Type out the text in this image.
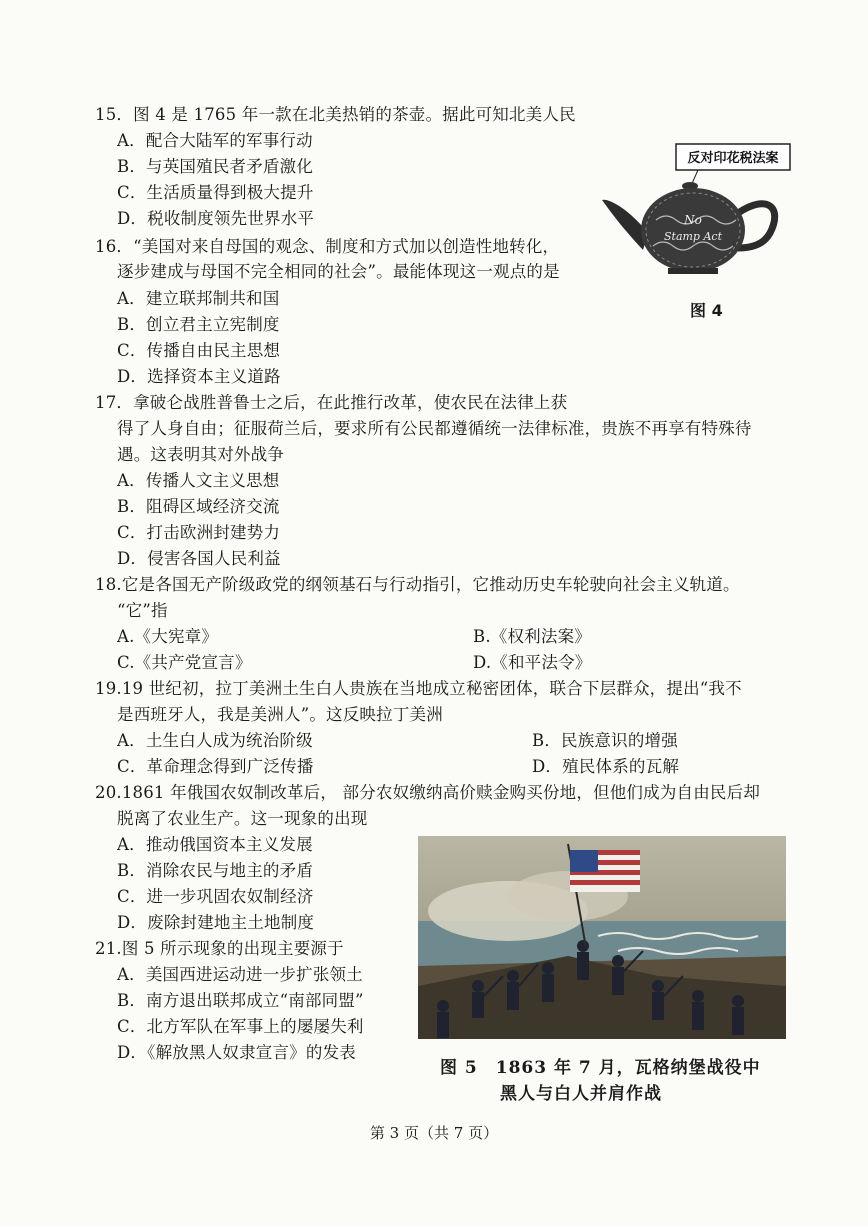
15．图 4 是 1765 年一款在北美热销的茶壶。据此可知北美人民
A．配合大陆军的军事行动
B．与英国殖民者矛盾激化
C．生活质量得到极大提升
D．税收制度领先世界水平
反对印花税法案
No
Stamp Act
图 4
16．“美国对来自母国的观念、制度和方式加以创造性地转化，
逐步建成与母国不完全相同的社会”。最能体现这一观点的是
A．建立联邦制共和国
B．创立君主立宪制度
C．传播自由民主思想
D．选择资本主义道路
17．拿破仑战胜普鲁士之后，在此推行改革，使农民在法律上获
得了人身自由；征服荷兰后，要求所有公民都遵循统一法律标准，贵族不再享有特殊待
遇。这表明其对外战争
A．传播人文主义思想
B．阻碍区域经济交流
C．打击欧洲封建势力
D．侵害各国人民利益
18.它是各国无产阶级政党的纲领基石与行动指引，它推动历史车轮驶向社会主义轨道。
“它”指
A.《大宪章》	B.《权利法案》
C.《共产党宣言》	D.《和平法令》
19.19 世纪初，拉丁美洲土生白人贵族在当地成立秘密团体，联合下层群众，提出“我不
是西班牙人，我是美洲人”。这反映拉丁美洲
A．土生白人成为统治阶级	B．民族意识的增强
C．革命理念得到广泛传播	D．殖民体系的瓦解
20.1861 年俄国农奴制改革后， 部分农奴缴纳高价赎金购买份地，但他们成为自由民后却
脱离了农业生产。这一现象的出现
A．推动俄国资本主义发展
B．消除农民与地主的矛盾
C．进一步巩固农奴制经济
D．废除封建地主土地制度
21.图 5 所示现象的出现主要源于
A．美国西进运动进一步扩张领土
B．南方退出联邦成立“南部同盟”
C．北方军队在军事上的屡屡失利
D．《解放黑人奴隶宣言》的发表
图 5　1863 年 7 月，瓦格纳堡战役中
黑人与白人并肩作战
第 3 页（共 7 页）
